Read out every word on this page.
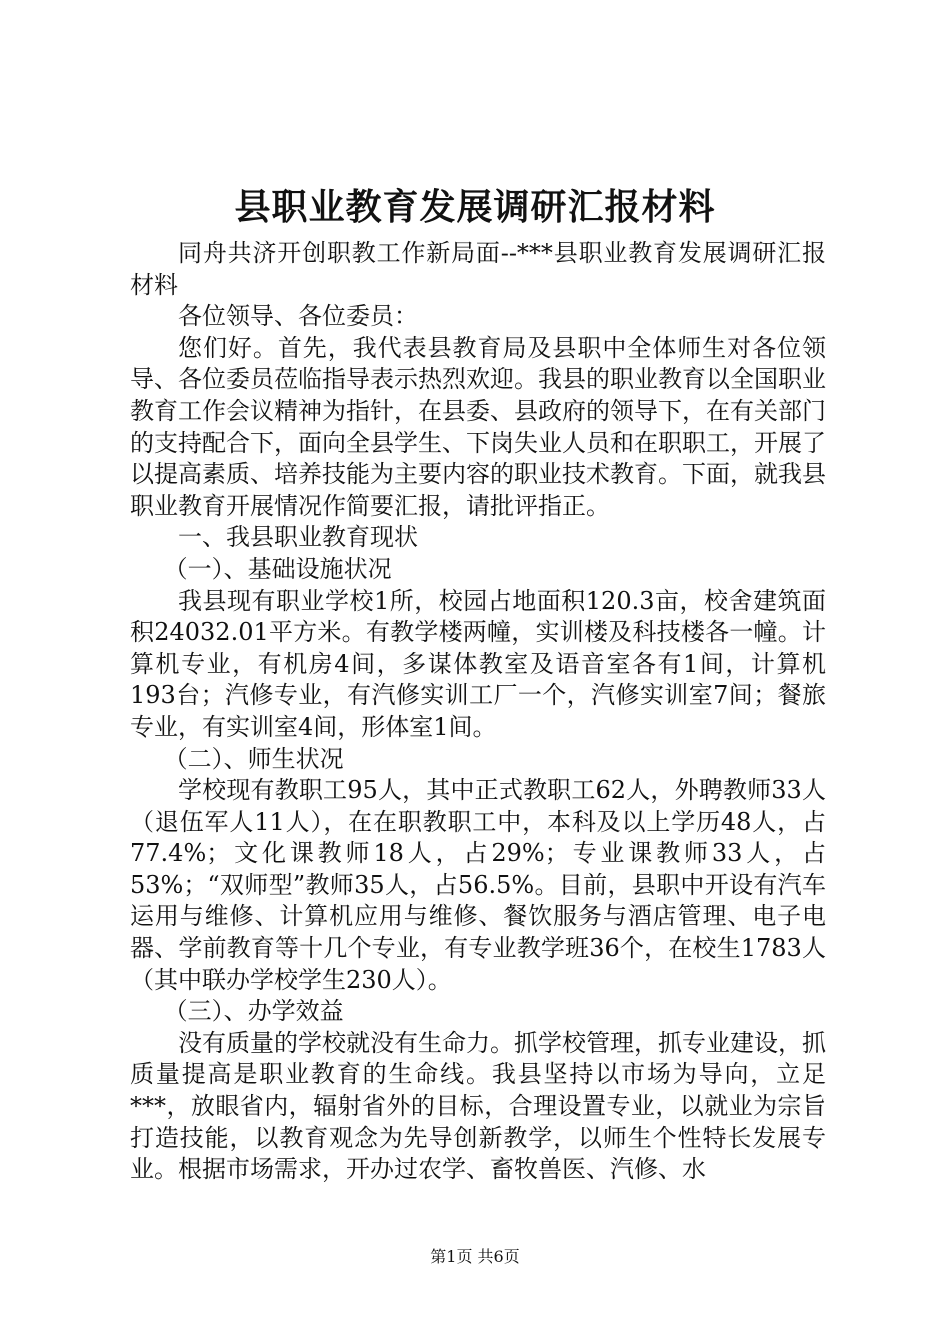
县职业教育发展调研汇报材料

同舟共济开创职教工作新局面--***县职业教育发展调研汇报材料

各位领导、各位委员：

您们好。首先，我代表县教育局及县职中全体师生对各位领导、各位委员莅临指导表示热烈欢迎。我县的职业教育以全国职业教育工作会议精神为指针，在县委、县政府的领导下，在有关部门的支持配合下，面向全县学生、下岗失业人员和在职职工，开展了以提高素质、培养技能为主要内容的职业技术教育。下面，就我县职业教育开展情况作简要汇报，请批评指正。

一、我县职业教育现状

（一）、基础设施状况

我县现有职业学校1所，校园占地面积120.3亩，校舍建筑面积24032.01平方米。有教学楼两幢，实训楼及科技楼各一幢。计算机专业，有机房4间，多谋体教室及语音室各有1间，计算机193台；汽修专业，有汽修实训工厂一个，汽修实训室7间；餐旅专业，有实训室4间，形体室1间。

（二）、师生状况

学校现有教职工95人，其中正式教职工62人，外聘教师33人（退伍军人11人），在在职教职工中，本科及以上学历48人，占77.4%；文化课教师18人，占29%；专业课教师33人，占53%；“双师型”教师35人，占56.5%。目前，县职中开设有汽车运用与维修、计算机应用与维修、餐饮服务与酒店管理、电子电器、学前教育等十几个专业，有专业教学班36个，在校生1783人（其中联办学校学生230人）。

（三）、办学效益

没有质量的学校就没有生命力。抓学校管理，抓专业建设，抓质量提高是职业教育的生命线。我县坚持以市场为导向，立足***，放眼省内，辐射省外的目标，合理设置专业，以就业为宗旨打造技能，以教育观念为先导创新教学，以师生个性特长发展专业。根据市场需求，开办过农学、畜牧兽医、汽修、水

第1页 共6页
